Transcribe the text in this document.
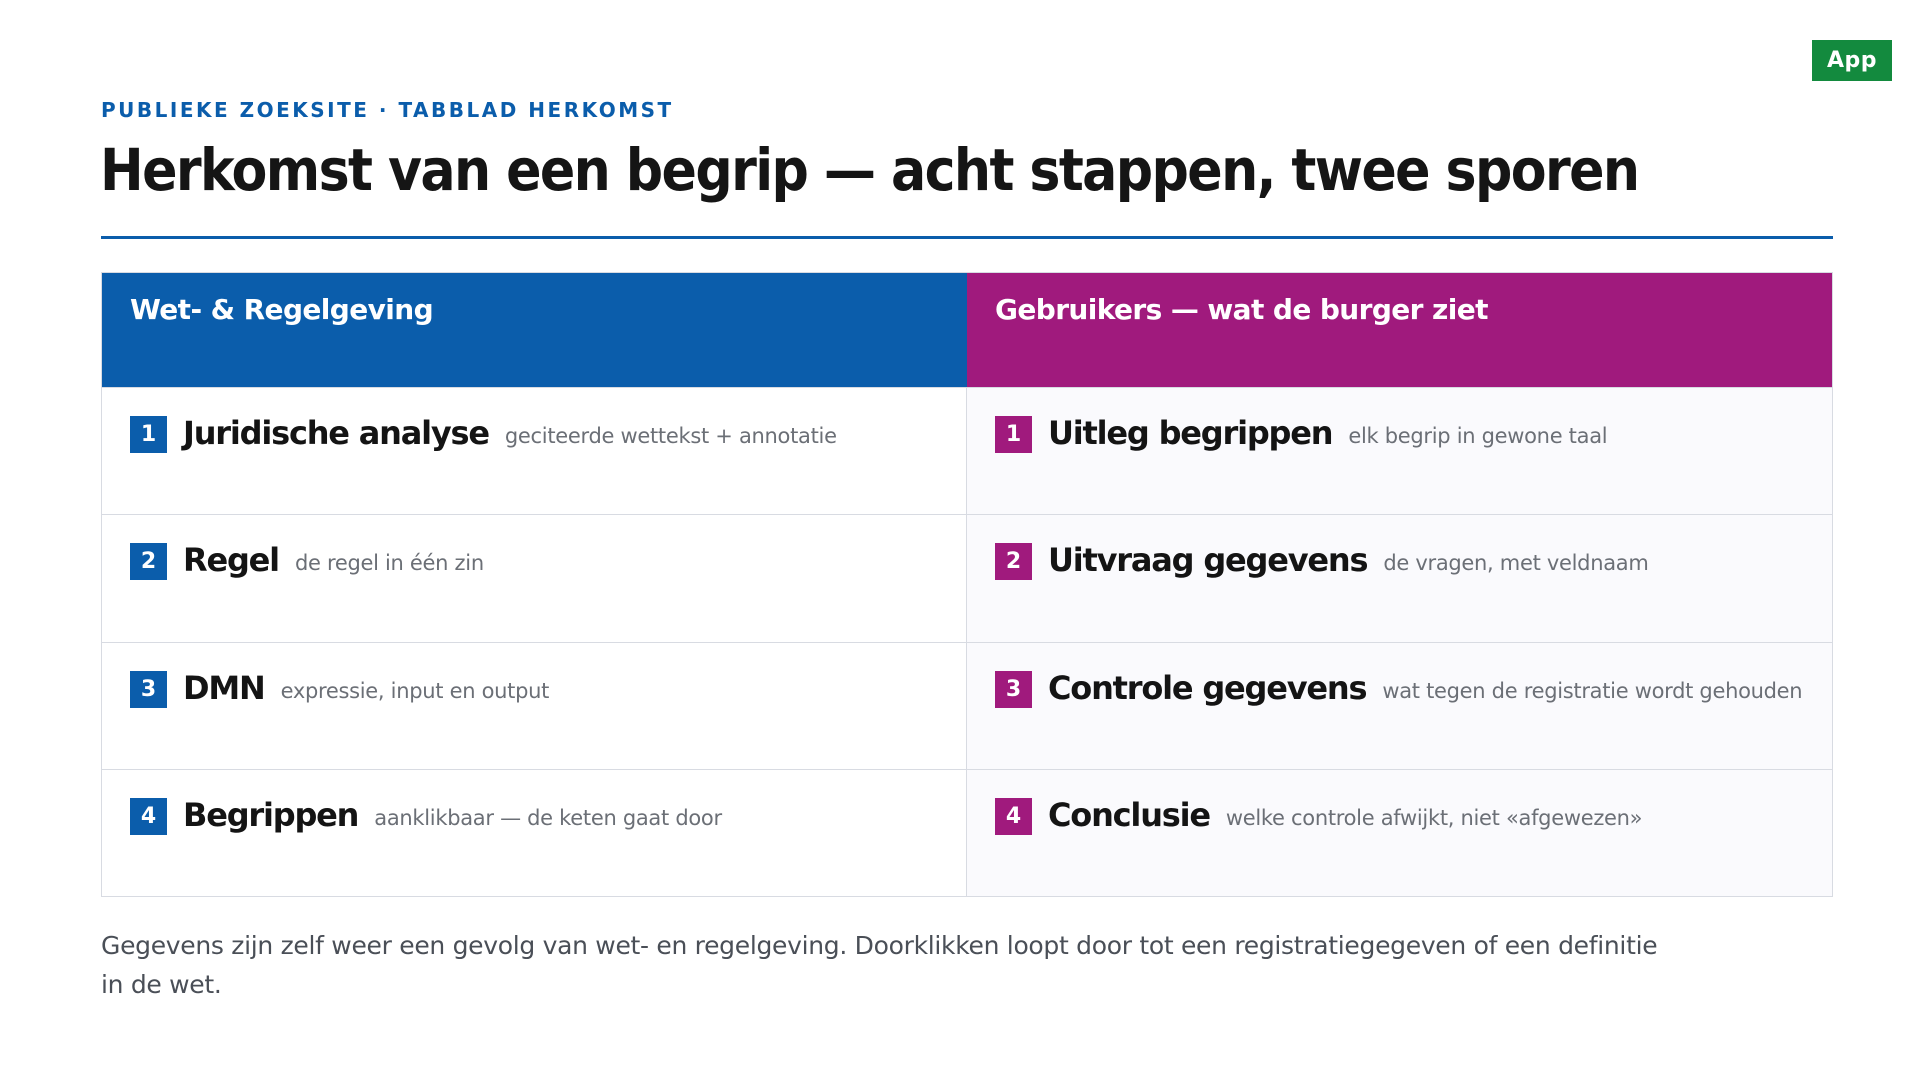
App
PUBLIEKE ZOEKSITE · TABBLAD HERKOMST
Herkomst van een begrip — acht stappen, twee sporen
Wet- & Regelgeving	Gebruikers — wat de burger ziet
1 Juridische analyse geciteerde wettekst + annotatie	1 Uitleg begrippen elk begrip in gewone taal
2 Regel de regel in één zin	2 Uitvraag gegevens de vragen, met veldnaam
3 DMN expressie, input en output	3 Controle gegevens wat tegen de registratie wordt gehouden
4 Begrippen aanklikbaar — de keten gaat door	4 Conclusie welke controle afwijkt, niet «afgewezen»

Gegevens zijn zelf weer een gevolg van wet- en regelgeving. Doorklikken loopt door tot een registratiegegeven of een definitie in de wet.
